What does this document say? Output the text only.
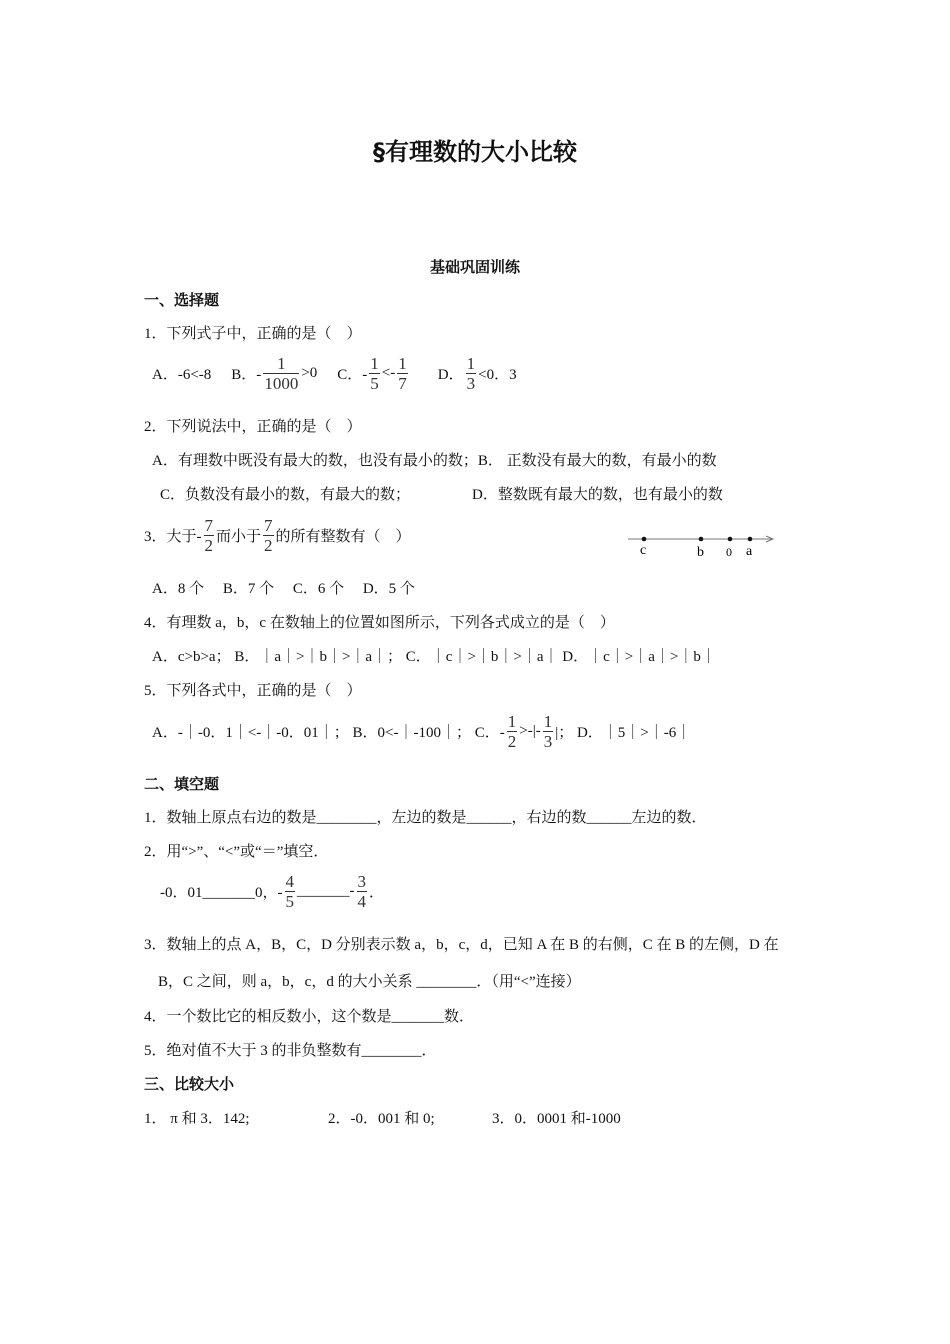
§有理数的大小比较
基础巩固训练
一、选择题
1．下列式子中，正确的是（　）
A．-6<-8 B．- $\frac{1}{1000} >0$ C．- $\frac{1}{5} <- \frac{1}{7}$ D． $\frac{1}{3} <0$．3
2．下列说法中，正确的是（　）
A．有理数中既没有最大的数，也没有最小的数；B． 正数没有最大的数，有最小的数
C．负数没有最小的数，有最大的数；	D．整数既有最大的数，也有最小的数
3．大于- $\frac{7}{2}$ 而小于 $\frac{7}{2}$ 的所有整数有（　）
c	b 0 a
A．8 个　 B．7 个　 C．6 个　 D．5 个
4．有理数 a，b，c 在数轴上的位置如图所示，下列各式成立的是（　）
A．c>b>a； B．｜a｜>｜b｜>｜a｜； C．｜c｜>｜b｜>｜a｜ D．｜c｜>｜a｜>｜b｜
5．下列各式中，正确的是（　）
A．-｜-0．1｜<-｜-0．01｜； B．0<-｜-100｜； C．- $\frac{1}{2}$ >-|- $\frac{1}{3}$ |； D．｜5｜>｜-6｜
二、填空题
1．数轴上原点右边的数是________，左边的数是______，右边的数______左边的数．
2．用“>”、“<”或“＝”填空．
-0．01_______0，- $\frac{4}{5}$ _______- $\frac{3}{4}$ ．
3．数轴上的点 A，B，C，D 分别表示数 a，b，c，d，已知 A 在 B 的右侧，C 在 B 的左侧，D 在
B，C 之间，则 a，b，c，d 的大小关系 ________．（用“<”连接）
4．一个数比它的相反数小，这个数是_______数．
5．绝对值不大于 3 的非负整数有________．
三、比较大小
1． π 和 3．142;	2．-0．001 和 0;	3．0．0001 和-1000
